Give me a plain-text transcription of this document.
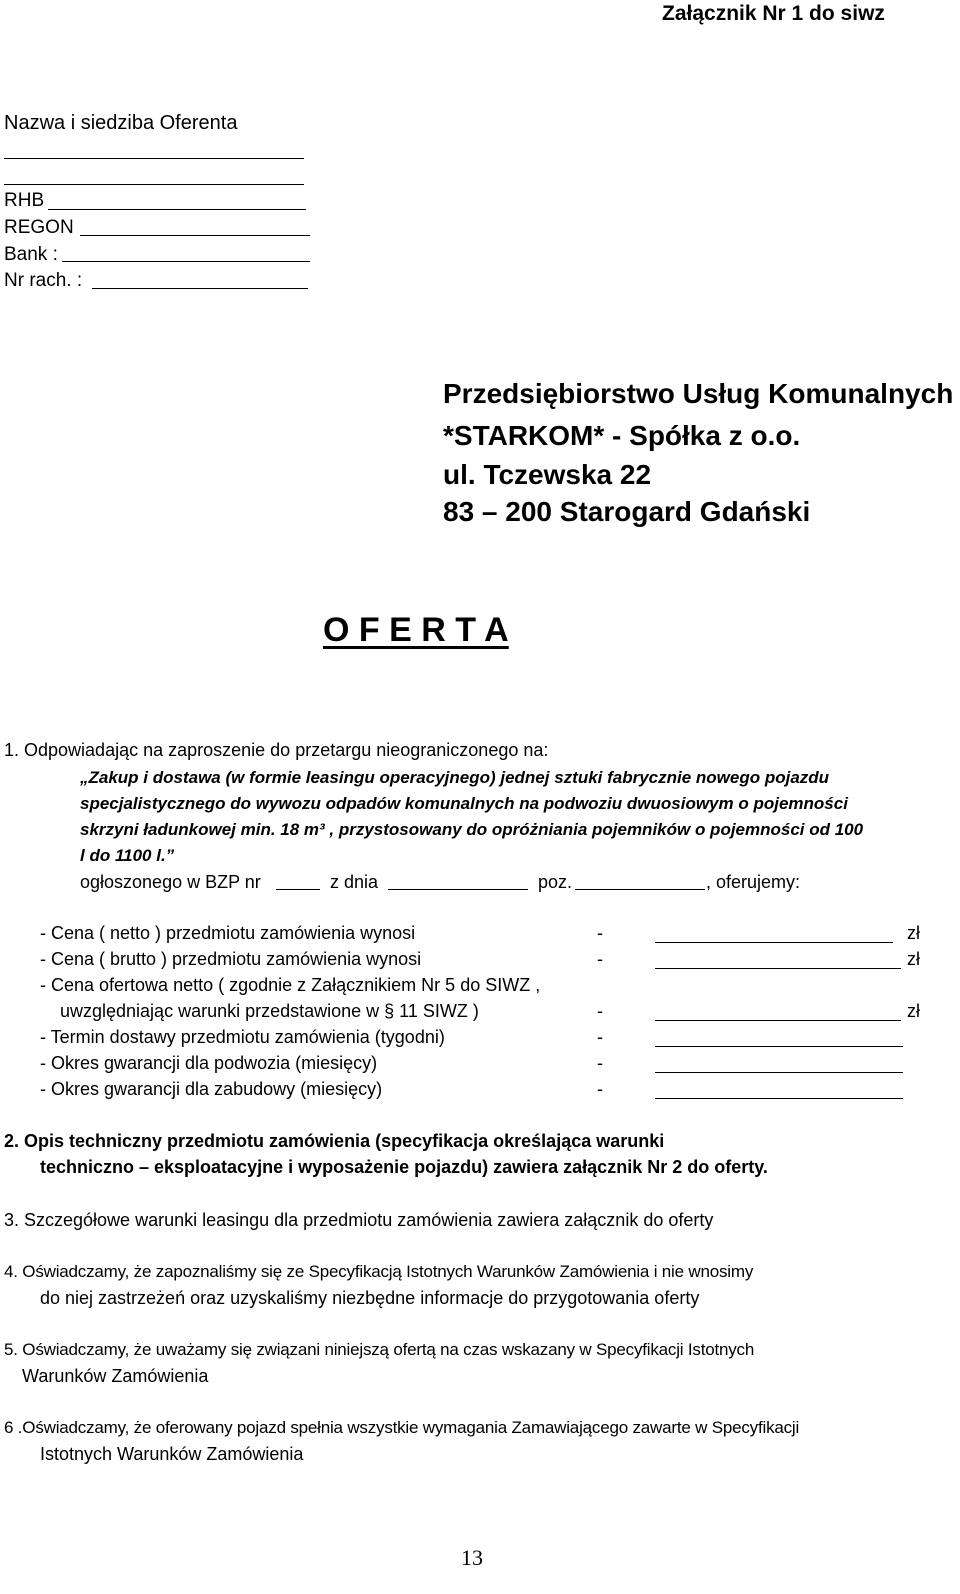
Załącznik Nr 1 do siwz
Nazwa i siedziba Oferenta
RHB
REGON
Bank :
Nr rach. :
Przedsiębiorstwo Usług Komunalnych
*STARKOM* - Spółka z o.o.
ul. Tczewska 22
83 – 200 Starogard Gdański
O F E R T A
1. Odpowiadając na zaproszenie do przetargu nieograniczonego na:
„Zakup i dostawa (w formie leasingu operacyjnego) jednej sztuki fabrycznie nowego pojazdu
specjalistycznego do wywozu odpadów komunalnych na podwoziu dwuosiowym o pojemności
skrzyni ładunkowej min. 18 m³ , przystosowany do opróżniania pojemników o pojemności od 100
l do 1100 l.”
ogłoszonego w BZP nr	z dnia	poz.	, oferujemy:
- Cena ( netto ) przedmiotu zamówienia wynosi	-	zł
- Cena ( brutto ) przedmiotu zamówienia wynosi	-	zł
- Cena ofertowa netto ( zgodnie z Załącznikiem Nr 5 do SIWZ ,
uwzględniając warunki przedstawione w § 11 SIWZ )	-	zł
- Termin dostawy przedmiotu zamówienia (tygodni)	-
- Okres gwarancji dla podwozia (miesięcy)	-
- Okres gwarancji dla zabudowy (miesięcy)	-
2. Opis techniczny przedmiotu zamówienia (specyfikacja określająca warunki
techniczno – eksploatacyjne i wyposażenie pojazdu) zawiera załącznik Nr 2 do oferty.
3. Szczegółowe warunki leasingu dla przedmiotu zamówienia zawiera załącznik do oferty
4. Oświadczamy, że zapoznaliśmy się ze Specyfikacją Istotnych Warunków Zamówienia i nie wnosimy
do niej zastrzeżeń oraz uzyskaliśmy niezbędne informacje do przygotowania oferty
5. Oświadczamy, że uważamy się związani niniejszą ofertą na czas wskazany w Specyfikacji Istotnych
Warunków Zamówienia
6 .Oświadczamy, że oferowany pojazd spełnia wszystkie wymagania Zamawiającego zawarte w Specyfikacji
Istotnych Warunków Zamówienia
13
